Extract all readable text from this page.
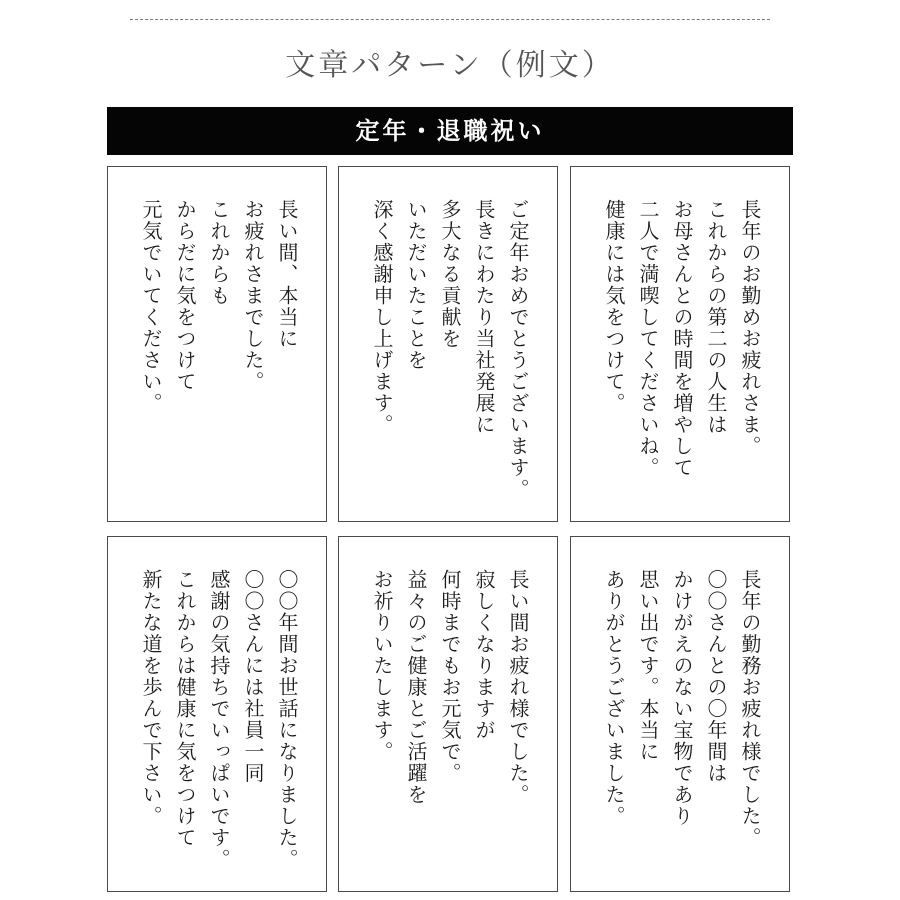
文章パターン（例文）
定年・退職祝い
長い間、本当に
お疲れさまでした。
これからも
からだに気をつけて
元気でいてください。	ご定年おめでとうございます。
長きにわたり当社発展に
多大なる貢献を
いただいたことを
深く感謝申し上げます。	長年のお勤めお疲れさま。
これからの第二の人生は
お母さんとの時間を増やして
二人で満喫してくださいね。
健康には気をつけて。
〇〇年間お世話になりました。
〇〇さんには社員一同
感謝の気持ちでいっぱいです。
これからは健康に気をつけて
新たな道を歩んで下さい。	長い間お疲れ様でした。
寂しくなりますが
何時までもお元気で。
益々のご健康とご活躍を
お祈りいたします。	長年の勤務お疲れ様でした。
〇〇さんとの〇年間は
かけがえのない宝物であり
思い出です。本当に
ありがとうございました。
